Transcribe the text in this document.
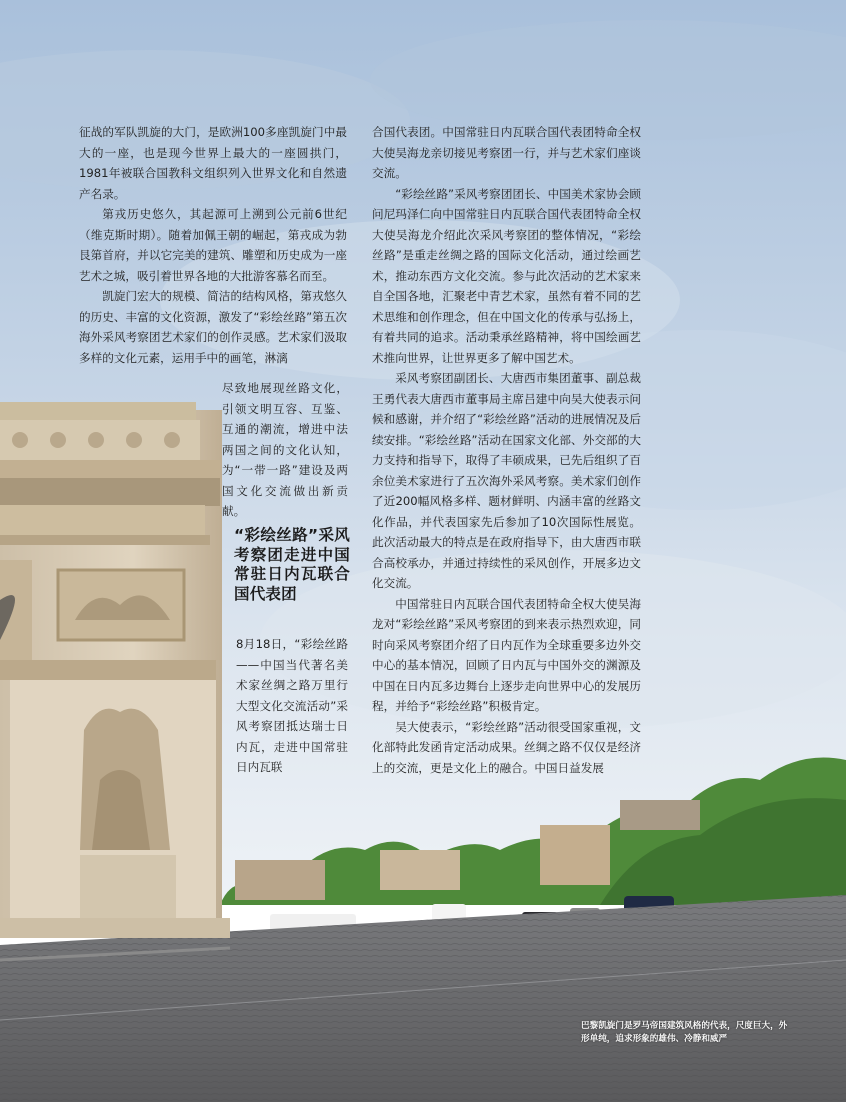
征战的军队凯旋的大门，是欧洲100多座凯旋门中最大的一座，也是现今世界上最大的一座圆拱门，1981年被联合国教科文组织列入世界文化和自然遗产名录。

第戎历史悠久，其起源可上溯到公元前6世纪（维克斯时期）。随着加佩王朝的崛起，第戎成为勃艮第首府，并以它完美的建筑、雕塑和历史成为一座艺术之城，吸引着世界各地的大批游客慕名而至。

凯旋门宏大的规模、简洁的结构风格，第戎悠久的历史、丰富的文化资源，激发了“彩绘丝路”第五次海外采风考察团艺术家们的创作灵感。艺术家们汲取多样的文化元素，运用手中的画笔，淋漓

尽致地展现丝路文化，引领文明互容、互鉴、互通的潮流，增进中法两国之间的文化认知，为“一带一路”建设及两国文化交流做出新贡献。
“彩绘丝路”采风考察团走进中国常驻日内瓦联合国代表团
8月18日，“彩绘丝路——中国当代著名美术家丝绸之路万里行大型文化交流活动”采风考察团抵达瑞士日内瓦，走进中国常驻日内瓦联

合国代表团。中国常驻日内瓦联合国代表团特命全权大使吴海龙亲切接见考察团一行，并与艺术家们座谈交流。

“彩绘丝路”采风考察团团长、中国美术家协会顾问尼玛泽仁向中国常驻日内瓦联合国代表团特命全权大使吴海龙介绍此次采风考察团的整体情况，“彩绘丝路”是重走丝绸之路的国际文化活动，通过绘画艺术，推动东西方文化交流。参与此次活动的艺术家来自全国各地，汇聚老中青艺术家，虽然有着不同的艺术思维和创作理念，但在中国文化的传承与弘扬上，有着共同的追求。活动秉承丝路精神，将中国绘画艺术推向世界，让世界更多了解中国艺术。

采风考察团副团长、大唐西市集团董事、副总裁王勇代表大唐西市董事局主席吕建中向吴大使表示问候和感谢，并介绍了“彩绘丝路”活动的进展情况及后续安排。“彩绘丝路”活动在国家文化部、外交部的大力支持和指导下，取得了丰硕成果，已先后组织了百余位美术家进行了五次海外采风考察。美术家们创作了近200幅风格多样、题材鲜明、内涵丰富的丝路文化作品，并代表国家先后参加了10次国际性展览。此次活动最大的特点是在政府指导下，由大唐西市联合高校承办，并通过持续性的采风创作，开展多边文化交流。

中国常驻日内瓦联合国代表团特命全权大使吴海龙对“彩绘丝路”采风考察团的到来表示热烈欢迎，同时向采风考察团介绍了日内瓦作为全球重要多边外交中心的基本情况，回顾了日内瓦与中国外交的渊源及中国在日内瓦多边舞台上逐步走向世界中心的发展历程，并给予“彩绘丝路”积极肯定。

吴大使表示，“彩绘丝路”活动很受国家重视，文化部特此发函肯定活动成果。丝绸之路不仅仅是经济上的交流，更是文化上的融合。中国日益发展

巴黎凯旋门是罗马帝国建筑风格的代表，尺度巨大，外形单纯，追求形象的雄伟、冷静和威严
